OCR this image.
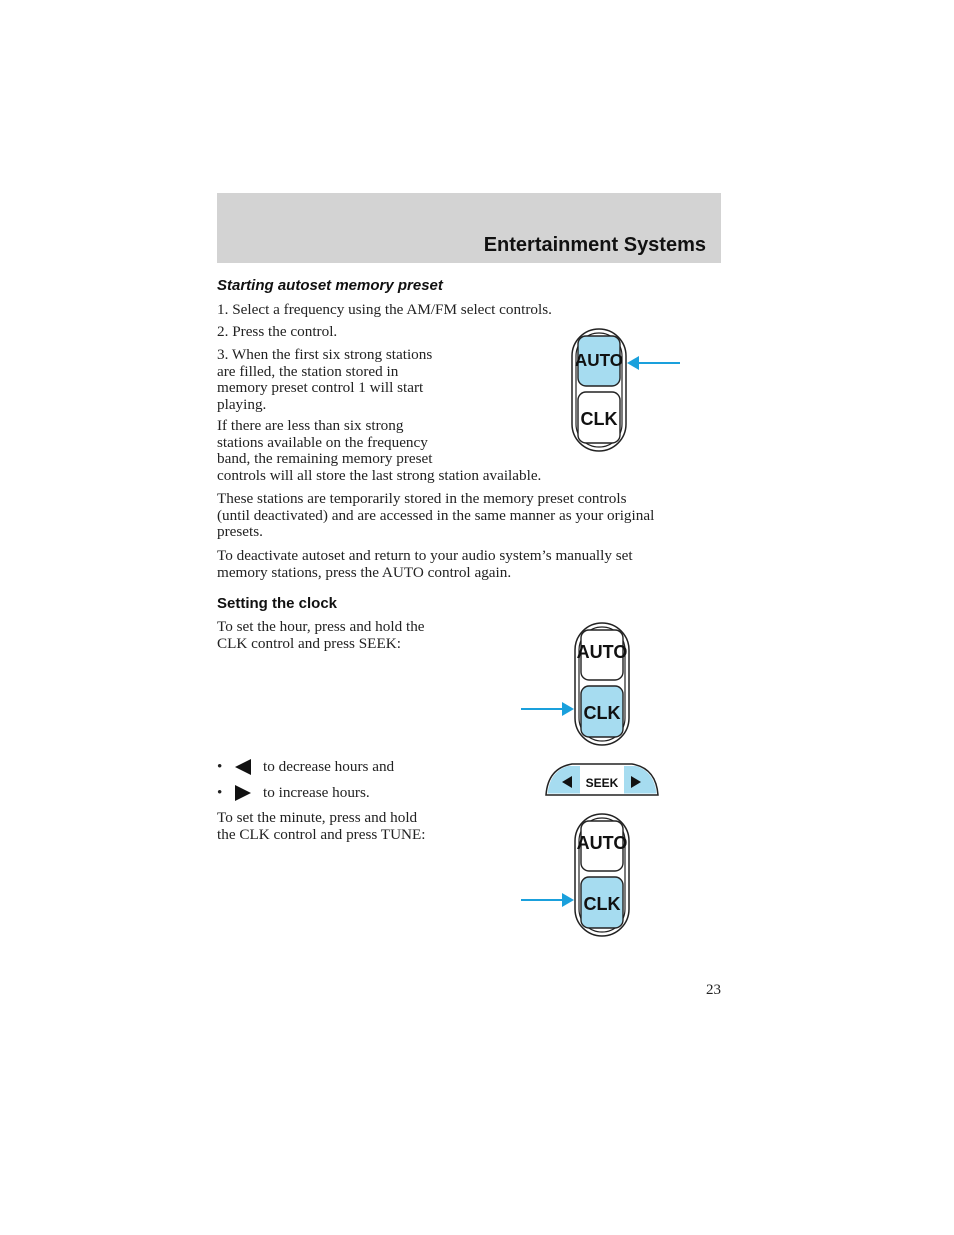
Entertainment Systems
Starting autoset memory preset

1. Select a frequency using the AM/FM select controls.

2. Press the control.

3. When the first six strong stations
are filled, the station stored in
memory preset control 1 will start
playing.
If there are less than six strong
stations available on the frequency
band, the remaining memory preset
controls will all store the last strong station available.
These stations are temporarily stored in the memory preset controls
(until deactivated) and are accessed in the same manner as your original
presets.
To deactivate autoset and return to your audio system’s manually set
memory stations, press the AUTO control again.
AUTO
CLK
Setting the clock
To set the hour, press and hold the
CLK control and press SEEK:	AUTO
CLK
•	to decrease hours and
•	to increase hours.
SEEK
To set the minute, press and hold
the CLK control and press TUNE:	AUTO
CLK
23
